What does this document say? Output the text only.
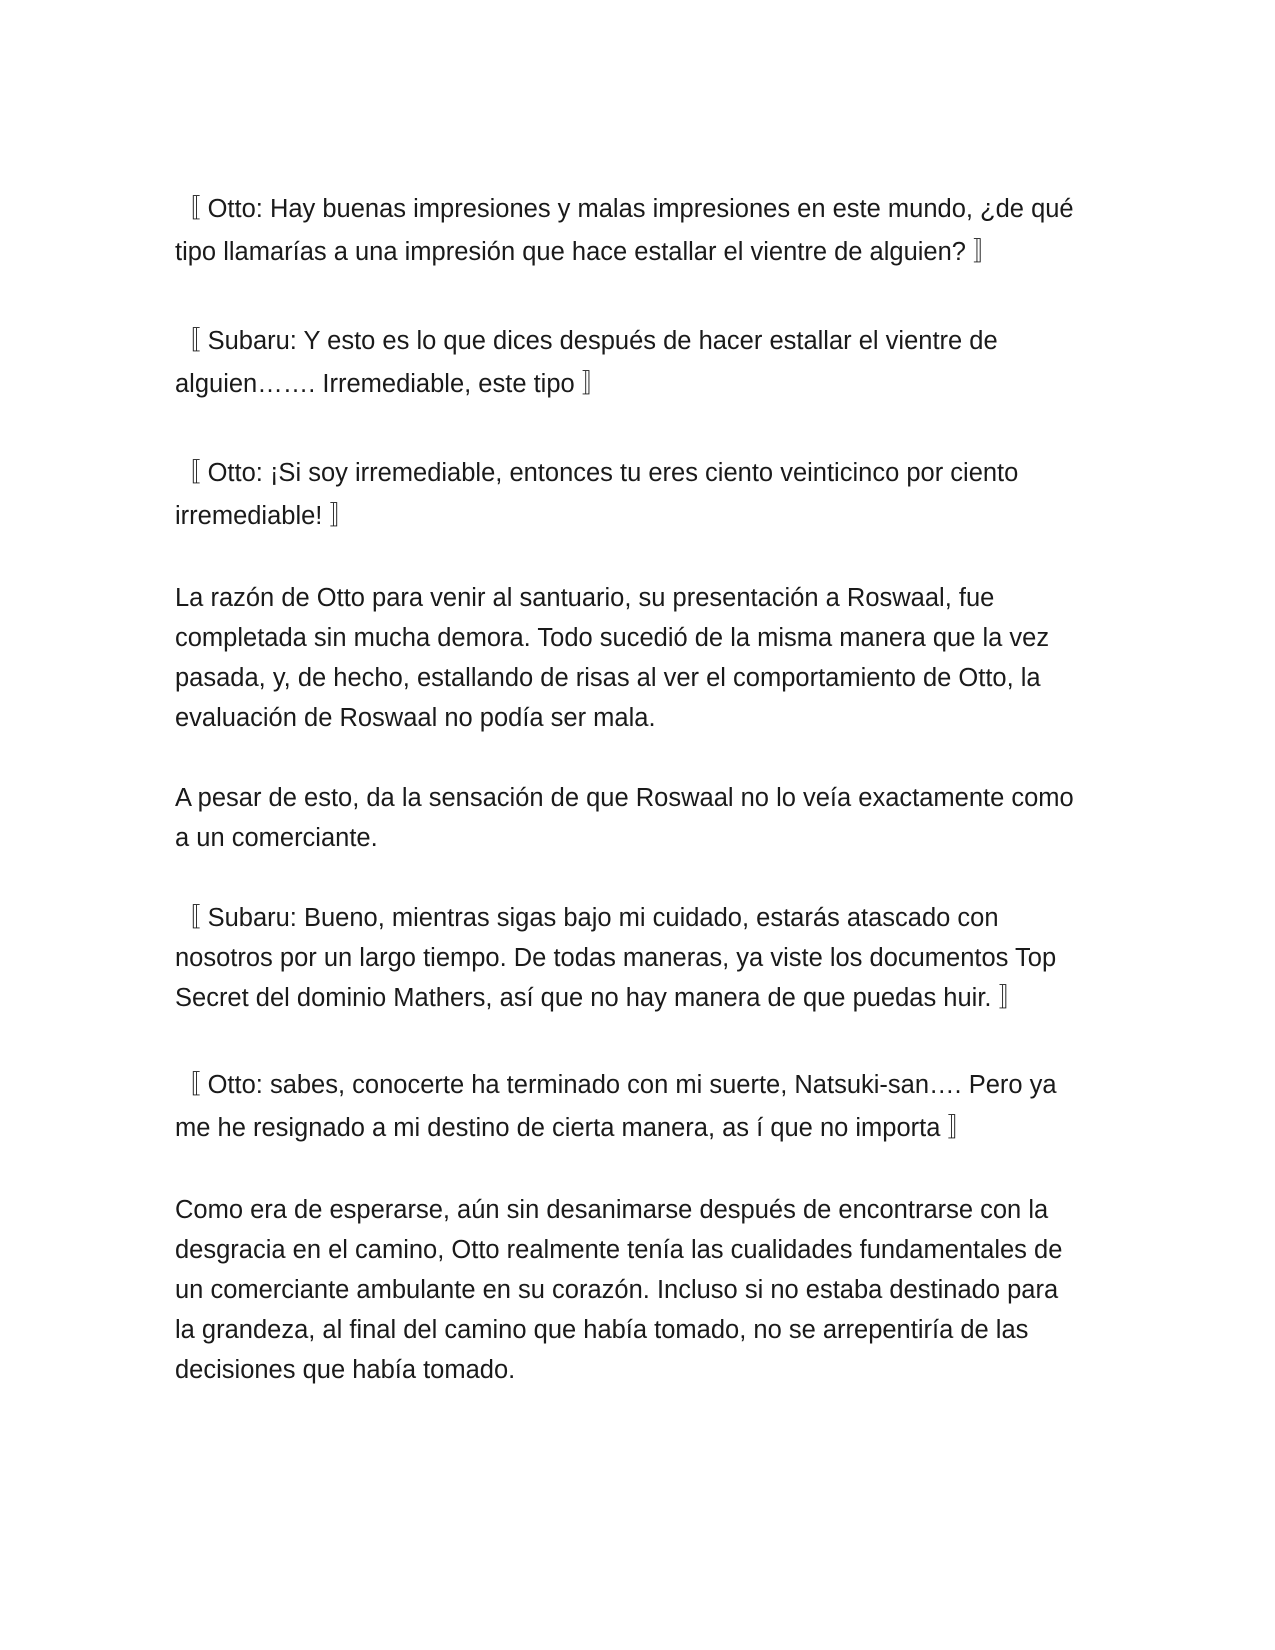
〚 Otto: Hay buenas impresiones y malas impresiones en este mundo, ¿de qué tipo llamarías a una impresión que hace estallar el vientre de alguien? 〛

〚 Subaru: Y esto es lo que dices después de hacer estallar el vientre de alguien……. Irremediable, este tipo 〛

〚 Otto: ¡Si soy irremediable, entonces tu eres ciento veinticinco por ciento irremediable! 〛

La razón de Otto para venir al santuario, su presentación a Roswaal, fue completada sin mucha demora. Todo sucedió de la misma manera que la vez pasada, y, de hecho, estallando de risas al ver el comportamiento de Otto, la evaluación de Roswaal no podía ser mala.

A pesar de esto, da la sensación de que Roswaal no lo veía exactamente como a un comerciante.

〚 Subaru: Bueno, mientras sigas bajo mi cuidado, estarás atascado con nosotros por un largo tiempo. De todas maneras, ya viste los documentos Top Secret del dominio Mathers, así que no hay manera de que puedas huir. 〛

〚 Otto: sabes, conocerte ha terminado con mi suerte, Natsuki-san…. Pero ya me he resignado a mi destino de cierta manera, as í que no importa 〛

Como era de esperarse, aún sin desanimarse después de encontrarse con la desgracia en el camino, Otto realmente tenía las cualidades fundamentales de un comerciante ambulante en su corazón. Incluso si no estaba destinado para la grandeza, al final del camino que había tomado, no se arrepentiría de las decisiones que había tomado.
